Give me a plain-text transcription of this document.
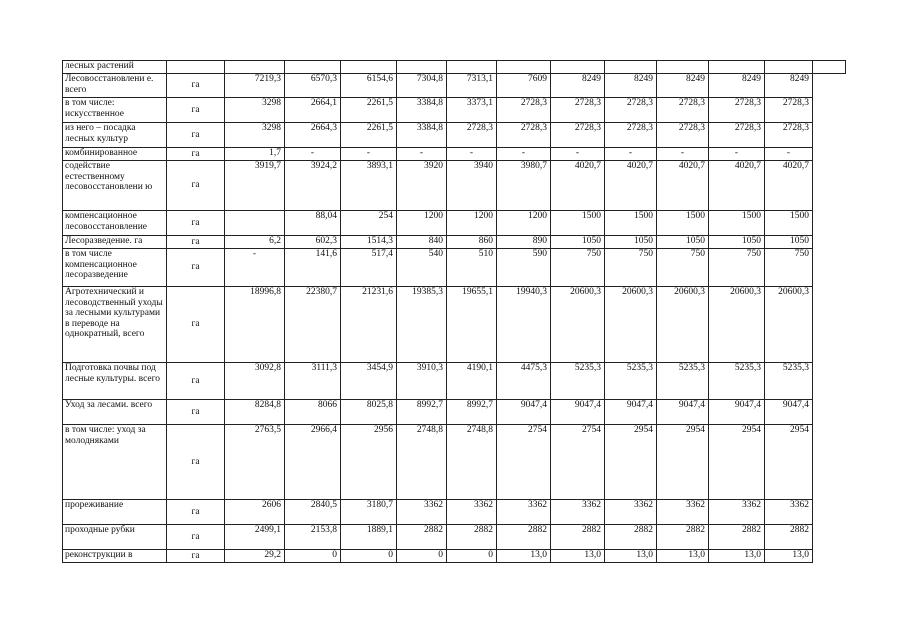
лесных растений													
Лесовосстановлени е. всего	га	7219,3	6570,3	6154,6	7304,8	7313,1	7609	8249	8249	8249	8249	8249	
в том числе: искусственное	га	3298	2664,1	2261,5	3384,8	3373,1	2728,3	2728,3	2728,3	2728,3	2728,3	2728,3	
из него – посадка лесных культур	га	3298	2664,3	2261,5	3384,8	2728,3	2728,3	2728,3	2728,3	2728,3	2728,3	2728,3	
комбинированное	га	1,7	-	-	-	-	-	-	-	-	-	-	
содействие естественному лесовосстановлени ю	га	3919,7	3924,2	3893,1	3920	3940	3980,7	4020,7	4020,7	4020,7	4020,7	4020,7	
компенсационное лесовосстановление	га		88,04	254	1200	1200	1200	1500	1500	1500	1500	1500	
Лесоразведение. га	га	6,2	602,3	1514,3	840	860	890	1050	1050	1050	1050	1050	
в том числе компенсационное лесоразведение	га	-	141,6	517,4	540	510	590	750	750	750	750	750	
Агротехнический и лесоводственный уходы за лесными культурами в переводе на однократный, всего	га	18996,8	22380,7	21231,6	19385,3	19655,1	19940,3	20600,3	20600,3	20600,3	20600,3	20600,3	
Подготовка почвы под лесные культуры. всего	га	3092,8	3111,3	3454,9	3910,3	4190,1	4475,3	5235,3	5235,3	5235,3	5235,3	5235,3	
Уход за лесами. всего	га	8284,8	8066	8025,8	8992,7	8992,7	9047,4	9047,4	9047,4	9047,4	9047,4	9047,4	
в том числе: уход за молодняками	га	2763,5	2966,4	2956	2748,8	2748,8	2754	2754	2954	2954	2954	2954	
прореживание	га	2606	2840,5	3180,7	3362	3362	3362	3362	3362	3362	3362	3362	
проходные рубки	га	2499,1	2153,8	1889,1	2882	2882	2882	2882	2882	2882	2882	2882	
реконструкции в	га	29,2	0	0	0	0	13,0	13,0	13,0	13,0	13,0	13,0	
